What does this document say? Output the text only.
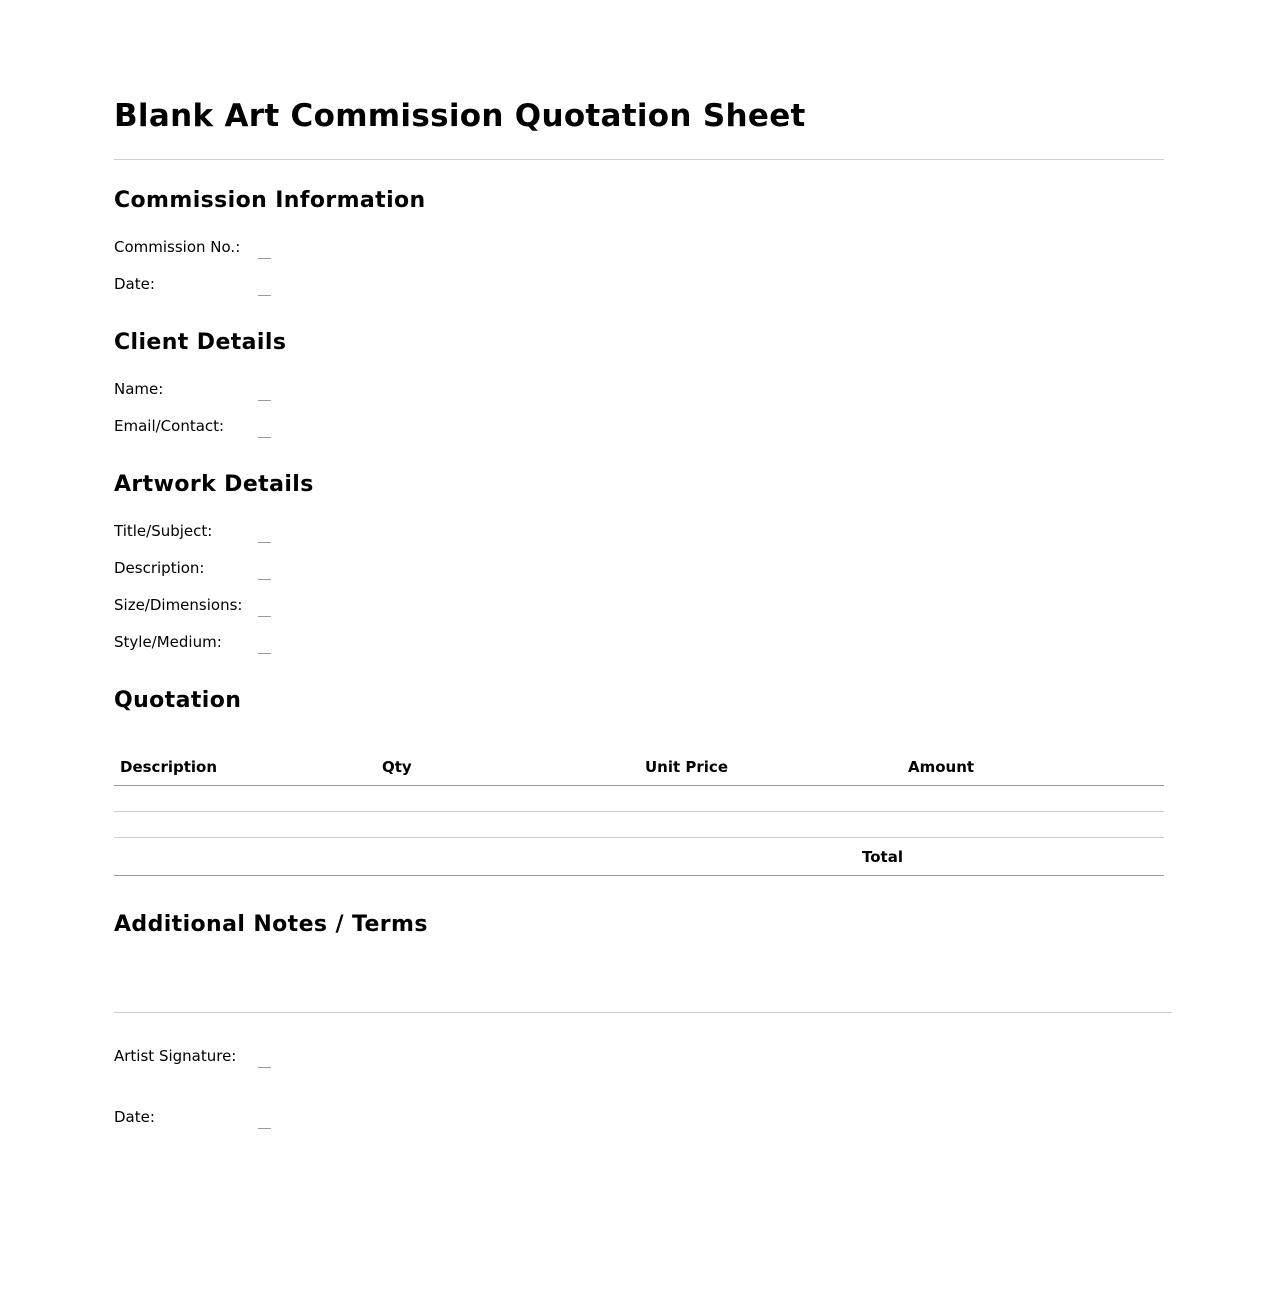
Blank Art Commission Quotation Sheet
Commission Information
Commission No.:
Date:
Client Details
Name:
Email/Contact:
Artwork Details
Title/Subject:
Description:
Size/Dimensions:
Style/Medium:
Quotation
Description	Qty	Unit Price	Amount
Total
Additional Notes / Terms
Artist Signature:
Date:
